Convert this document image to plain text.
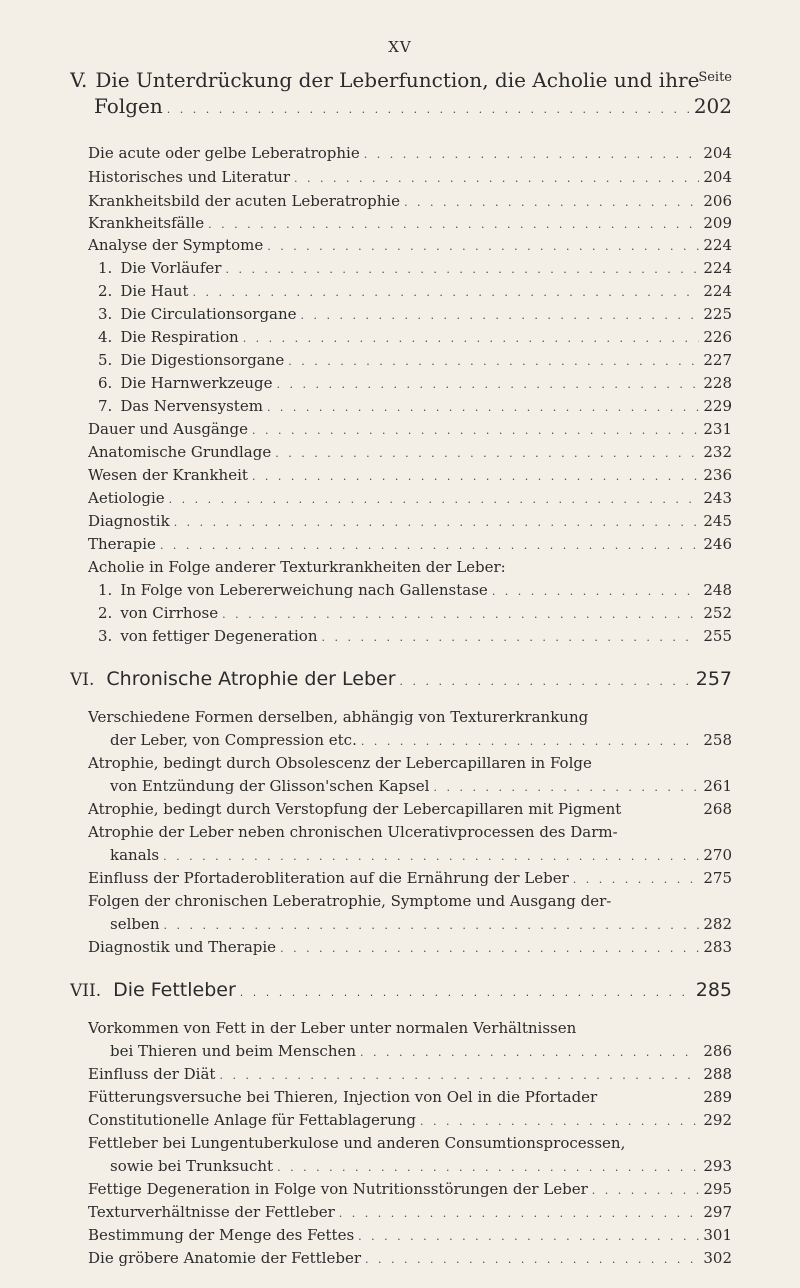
XV
Seite
V. Die Unterdrückung der Leberfunction, die Acholie und ihre
Folgen . . .	202
Die acute oder gelbe Leberatrophie . . .	204
Historisches und Literatur . . .	204
Krankheitsbild der acuten Leberatrophie . . .	206
Krankheitsfälle . . .	209
Analyse der Symptome . . .	224
1. Die Vorläufer . . .	224
2. Die Haut . . .	224
3. Die Circulationsorgane . . .	225
4. Die Respiration . . .	226
5. Die Digestionsorgane . . .	227
6. Die Harnwerkzeuge . . .	228
7. Das Nervensystem . . .	229
Dauer und Ausgänge . . .	231
Anatomische Grundlage . . .	232
Wesen der Krankheit . . .	236
Aetiologie . . .	243
Diagnostik . . .	245
Therapie . . .	246
Acholie in Folge anderer Texturkrankheiten der Leber:
1. In Folge von Lebererweichung nach Gallenstase . . .	248
2. von Cirrhose . . .	252
3. von fettiger Degeneration . . .	255
VI. Chronische Atrophie der Leber . . .	257
Verschiedene Formen derselben, abhängig von Texturerkrankung
der Leber, von Compression etc. . . .	258
Atrophie, bedingt durch Obsolescenz der Lebercapillaren in Folge
von Entzündung der Glisson'schen Kapsel . . .	261
Atrophie, bedingt durch Verstopfung der Lebercapillaren mit Pigment	268
Atrophie der Leber neben chronischen Ulcerativprocessen des Darm-
kanals . . .	270
Einfluss der Pfortaderobliteration auf die Ernährung der Leber . . .	275
Folgen der chronischen Leberatrophie, Symptome und Ausgang der-
selben . . .	282
Diagnostik und Therapie . . .	283
VII. Die Fettleber . . .	285
Vorkommen von Fett in der Leber unter normalen Verhältnissen
bei Thieren und beim Menschen . . .	286
Einfluss der Diät . . .	288
Fütterungsversuche bei Thieren, Injection von Oel in die Pfortader	289
Constitutionelle Anlage für Fettablagerung . . .	292
Fettleber bei Lungentuberkulose und anderen Consumtionsprocessen,
sowie bei Trunksucht . . .	293
Fettige Degeneration in Folge von Nutritionsstörungen der Leber . . .	295
Texturverhältnisse der Fettleber . . .	297
Bestimmung der Menge des Fettes . . .	301
Die gröbere Anatomie der Fettleber . . .	302
